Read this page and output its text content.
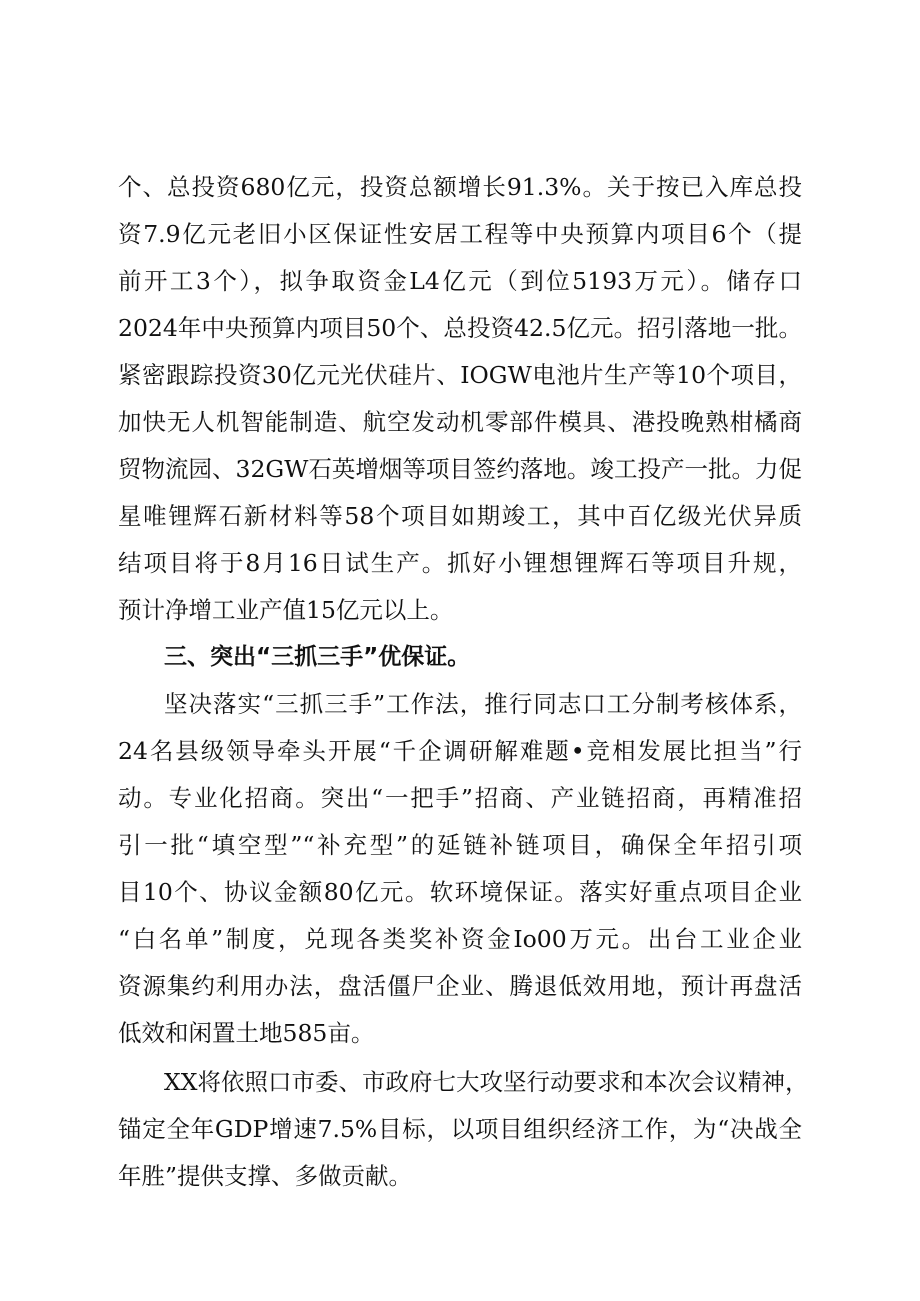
个、总投资680亿元，投资总额增长91.3%。关于按已入库总投
资7.9亿元老旧小区保证性安居工程等中央预算内项目6个（提
前开工3个），拟争取资金L4亿元（到位5193万元）。储存口
2024年中央预算内项目50个、总投资42.5亿元。招引落地一批。
紧密跟踪投资30亿元光伏硅片、IOGW电池片生产等10个项目，
加快无人机智能制造、航空发动机零部件模具、港投晚熟柑橘商
贸物流园、32GW石英增烟等项目签约落地。竣工投产一批。力促
星唯锂辉石新材料等58个项目如期竣工，其中百亿级光伏异质
结项目将于8月16日试生产。抓好小锂想锂辉石等项目升规，
预计净增工业产值15亿元以上。
三、突出“三抓三手”优保证。
坚决落实“三抓三手”工作法，推行同志口工分制考核体系，
24名县级领导牵头开展“千企调研解难题•竞相发展比担当”行
动。专业化招商。突出“一把手”招商、产业链招商，再精准招
引一批“填空型”“补充型”的延链补链项目，确保全年招引项
目10个、协议金额80亿元。软环境保证。落实好重点项目企业
“白名单”制度，兑现各类奖补资金Io00万元。出台工业企业
资源集约利用办法，盘活僵尸企业、腾退低效用地，预计再盘活
低效和闲置土地585亩。
XX将依照口市委、市政府七大攻坚行动要求和本次会议精神，
锚定全年GDP增速7.5%目标，以项目组织经济工作，为“决战全
年胜”提供支撑、多做贡献。
